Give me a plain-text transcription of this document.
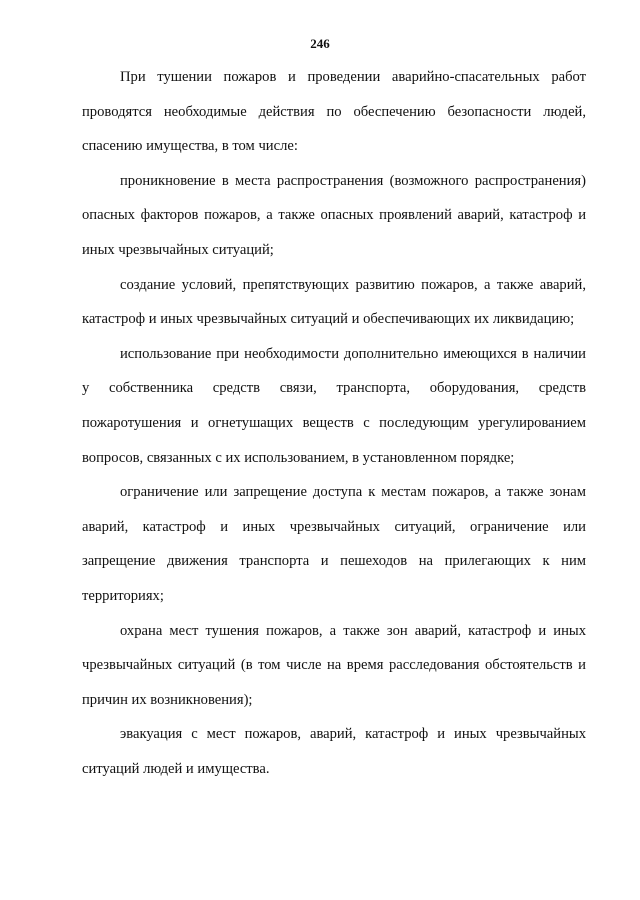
246

При тушении пожаров и проведении аварийно-спасательных работ проводятся необходимые действия по обеспечению безопасности людей, спасению имущества, в том числе:

проникновение в места распространения (возможного распространения) опасных факторов пожаров, а также опасных проявлений аварий, катастроф и иных чрезвычайных ситуаций;

создание условий, препятствующих развитию пожаров, а также аварий, катастроф и иных чрезвычайных ситуаций и обеспечивающих их ликвидацию;

использование при необходимости дополнительно имеющихся в наличии у собственника средств связи, транспорта, оборудования, средств пожаротушения и огнетушащих веществ с последующим урегулированием вопросов, связанных с их использованием, в установленном порядке;

ограничение или запрещение доступа к местам пожаров, а также зонам аварий, катастроф и иных чрезвычайных ситуаций, ограничение или запрещение движения транспорта и пешеходов на прилегающих к ним территориях;

охрана мест тушения пожаров, а также зон аварий, катастроф и иных чрезвычайных ситуаций (в том числе на время расследования обстоятельств и причин их возникновения);

эвакуация с мест пожаров, аварий, катастроф и иных чрезвычайных ситуаций людей и имущества.
